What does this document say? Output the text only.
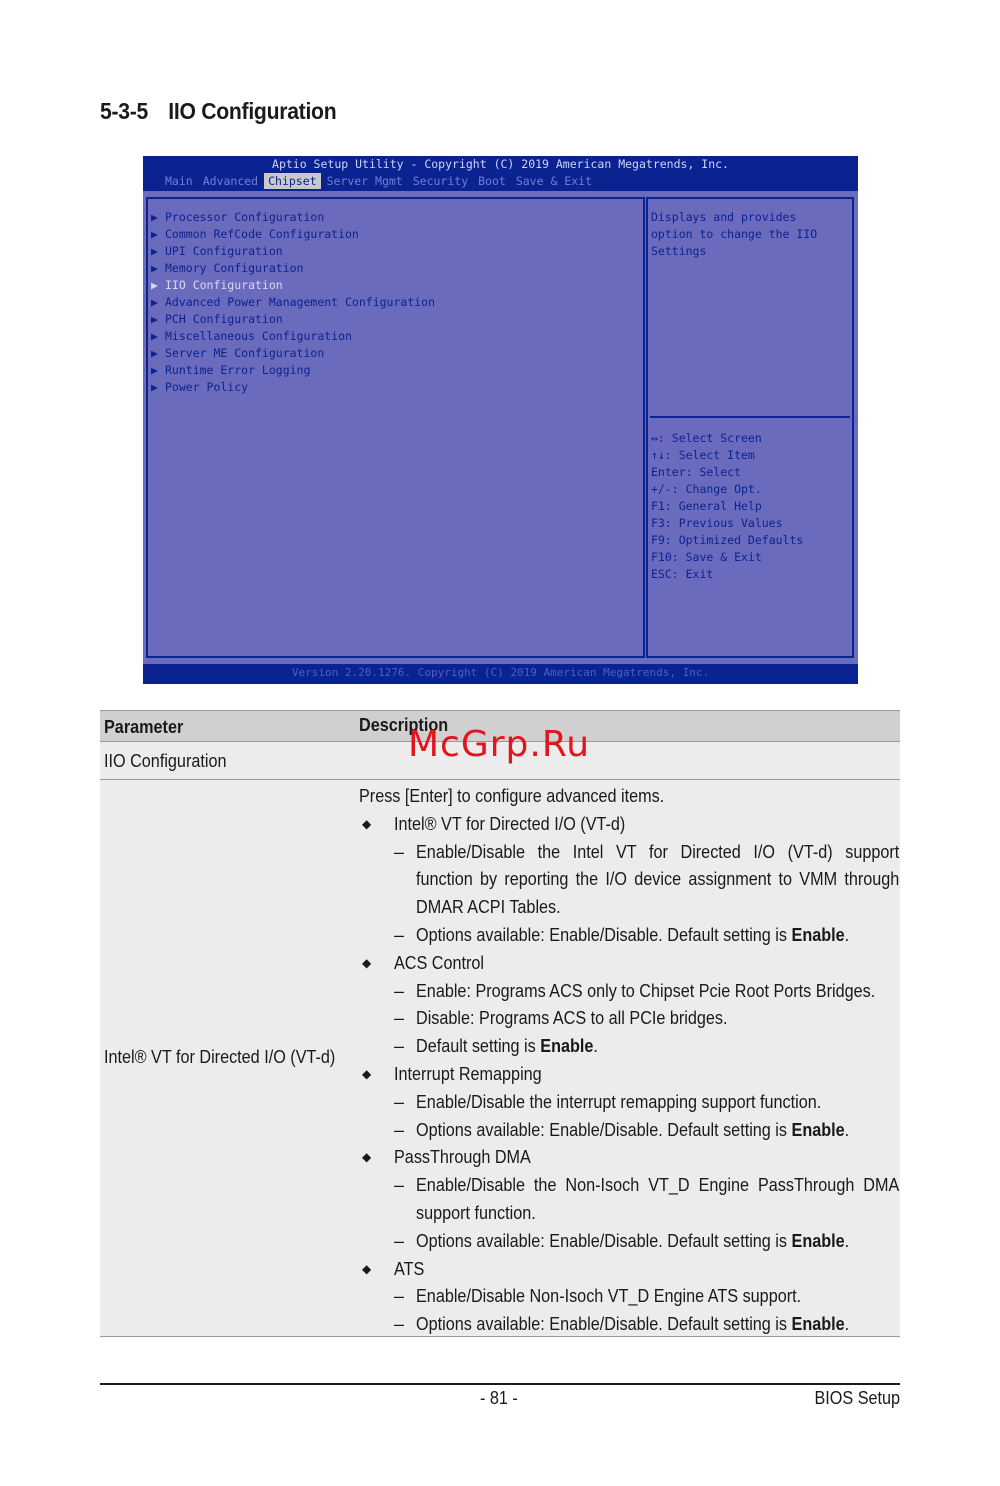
5-3-5 IIO Configuration
Aptio Setup Utility - Copyright (C) 2019 American Megatrends, Inc.
Main Advanced Chipset Server Mgmt Security Boot Save & Exit
▶ Processor Configuration
▶ Common RefCode Configuration
▶ UPI Configuration
▶ Memory Configuration
▶ IIO Configuration
▶ Advanced Power Management Configuration
▶ PCH Configuration
▶ Miscellaneous Configuration
▶ Server ME Configuration
▶ Runtime Error Logging
▶ Power Policy
Displays and provides
option to change the IIO
Settings
↔: Select Screen
↑↓: Select Item
Enter: Select
+/-: Change Opt.
F1: General Help
F3: Previous Values
F9: Optimized Defaults
F10: Save & Exit
ESC: Exit
Version 2.20.1276. Copyright (C) 2019 American Megatrends, Inc.
Parameter	Description
IIO Configuration
Intel® VT for Directed I/O (VT-d)
Press [Enter] to configure advanced items.
◆ Intel® VT for Directed I/O (VT-d)
– Enable/Disable the Intel VT for Directed I/O (VT-d) support
function by reporting the I/O device assignment to VMM through
DMAR ACPI Tables.
– Options available: Enable/Disable. Default setting is Enable.
◆ ACS Control
– Enable: Programs ACS only to Chipset Pcie Root Ports Bridges.
– Disable: Programs ACS to all PCIe bridges.
– Default setting is Enable.
◆ Interrupt Remapping
– Enable/Disable the interrupt remapping support function.
– Options available: Enable/Disable. Default setting is Enable.
◆ PassThrough DMA
– Enable/Disable the Non-Isoch VT_D Engine PassThrough DMA
support function.
– Options available: Enable/Disable. Default setting is Enable.
◆ ATS
– Enable/Disable Non-Isoch VT_D Engine ATS support.
– Options available: Enable/Disable. Default setting is Enable.
McGrp.Ru
- 81 -	BIOS Setup
